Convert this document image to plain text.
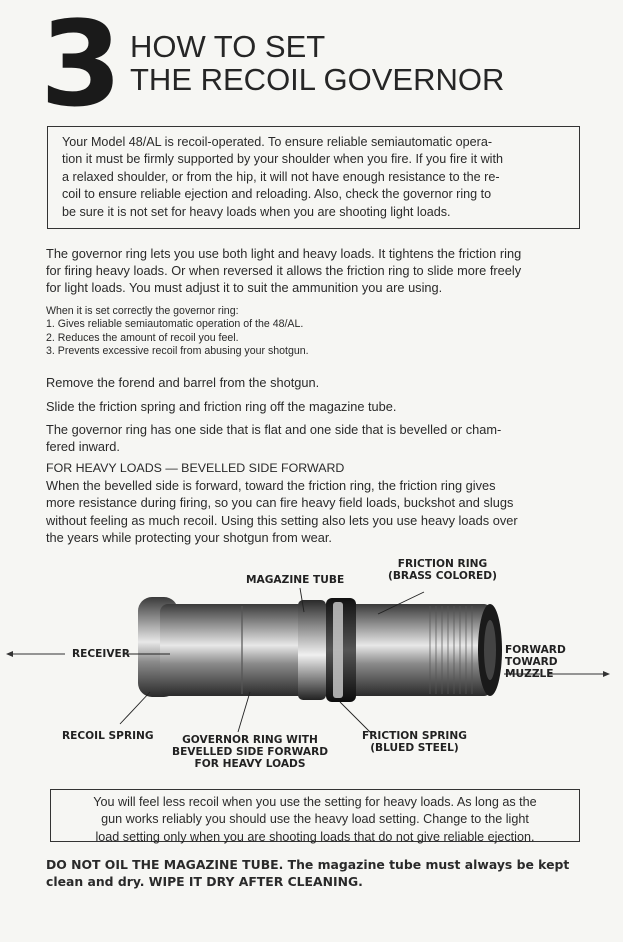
3 HOW TO SET
THE RECOIL GOVERNOR
Your Model 48/AL is recoil-operated. To ensure reliable semiautomatic opera-
tion it must be firmly supported by your shoulder when you fire. If you fire it with
a relaxed shoulder, or from the hip, it will not have enough resistance to the re-
coil to ensure reliable ejection and reloading. Also, check the governor ring to
be sure it is not set for heavy loads when you are shooting light loads.
The governor ring lets you use both light and heavy loads. It tightens the friction ring
for firing heavy loads. Or when reversed it allows the friction ring to slide more freely
for light loads. You must adjust it to suit the ammunition you are using.
When it is set correctly the governor ring:
1. Gives reliable semiautomatic operation of the 48/AL.
2. Reduces the amount of recoil you feel.
3. Prevents excessive recoil from abusing your shotgun.
Remove the forend and barrel from the shotgun.
Slide the friction spring and friction ring off the magazine tube.
The governor ring has one side that is flat and one side that is bevelled or cham-
fered inward.
FOR HEAVY LOADS — BEVELLED SIDE FORWARD
When the bevelled side is forward, toward the friction ring, the friction ring gives
more resistance during firing, so you can fire heavy field loads, buckshot and slugs
without feeling as much recoil. Using this setting also lets you use heavy loads over
the years while protecting your shotgun from wear.
FRICTION RING
(BRASS COLORED)
MAGAZINE TUBE
RECEIVER	FORWARD
TOWARD
MUZZLE
RECOIL SPRING	GOVERNOR RING WITH
BEVELLED SIDE FORWARD
FOR HEAVY LOADS
FRICTION SPRING
(BLUED STEEL)
You will feel less recoil when you use the setting for heavy loads. As long as the
gun works reliably you should use the heavy load setting. Change to the light
load setting only when you are shooting loads that do not give reliable ejection.
DO NOT OIL THE MAGAZINE TUBE. The magazine tube must always be kept
clean and dry. WIPE IT DRY AFTER CLEANING.
